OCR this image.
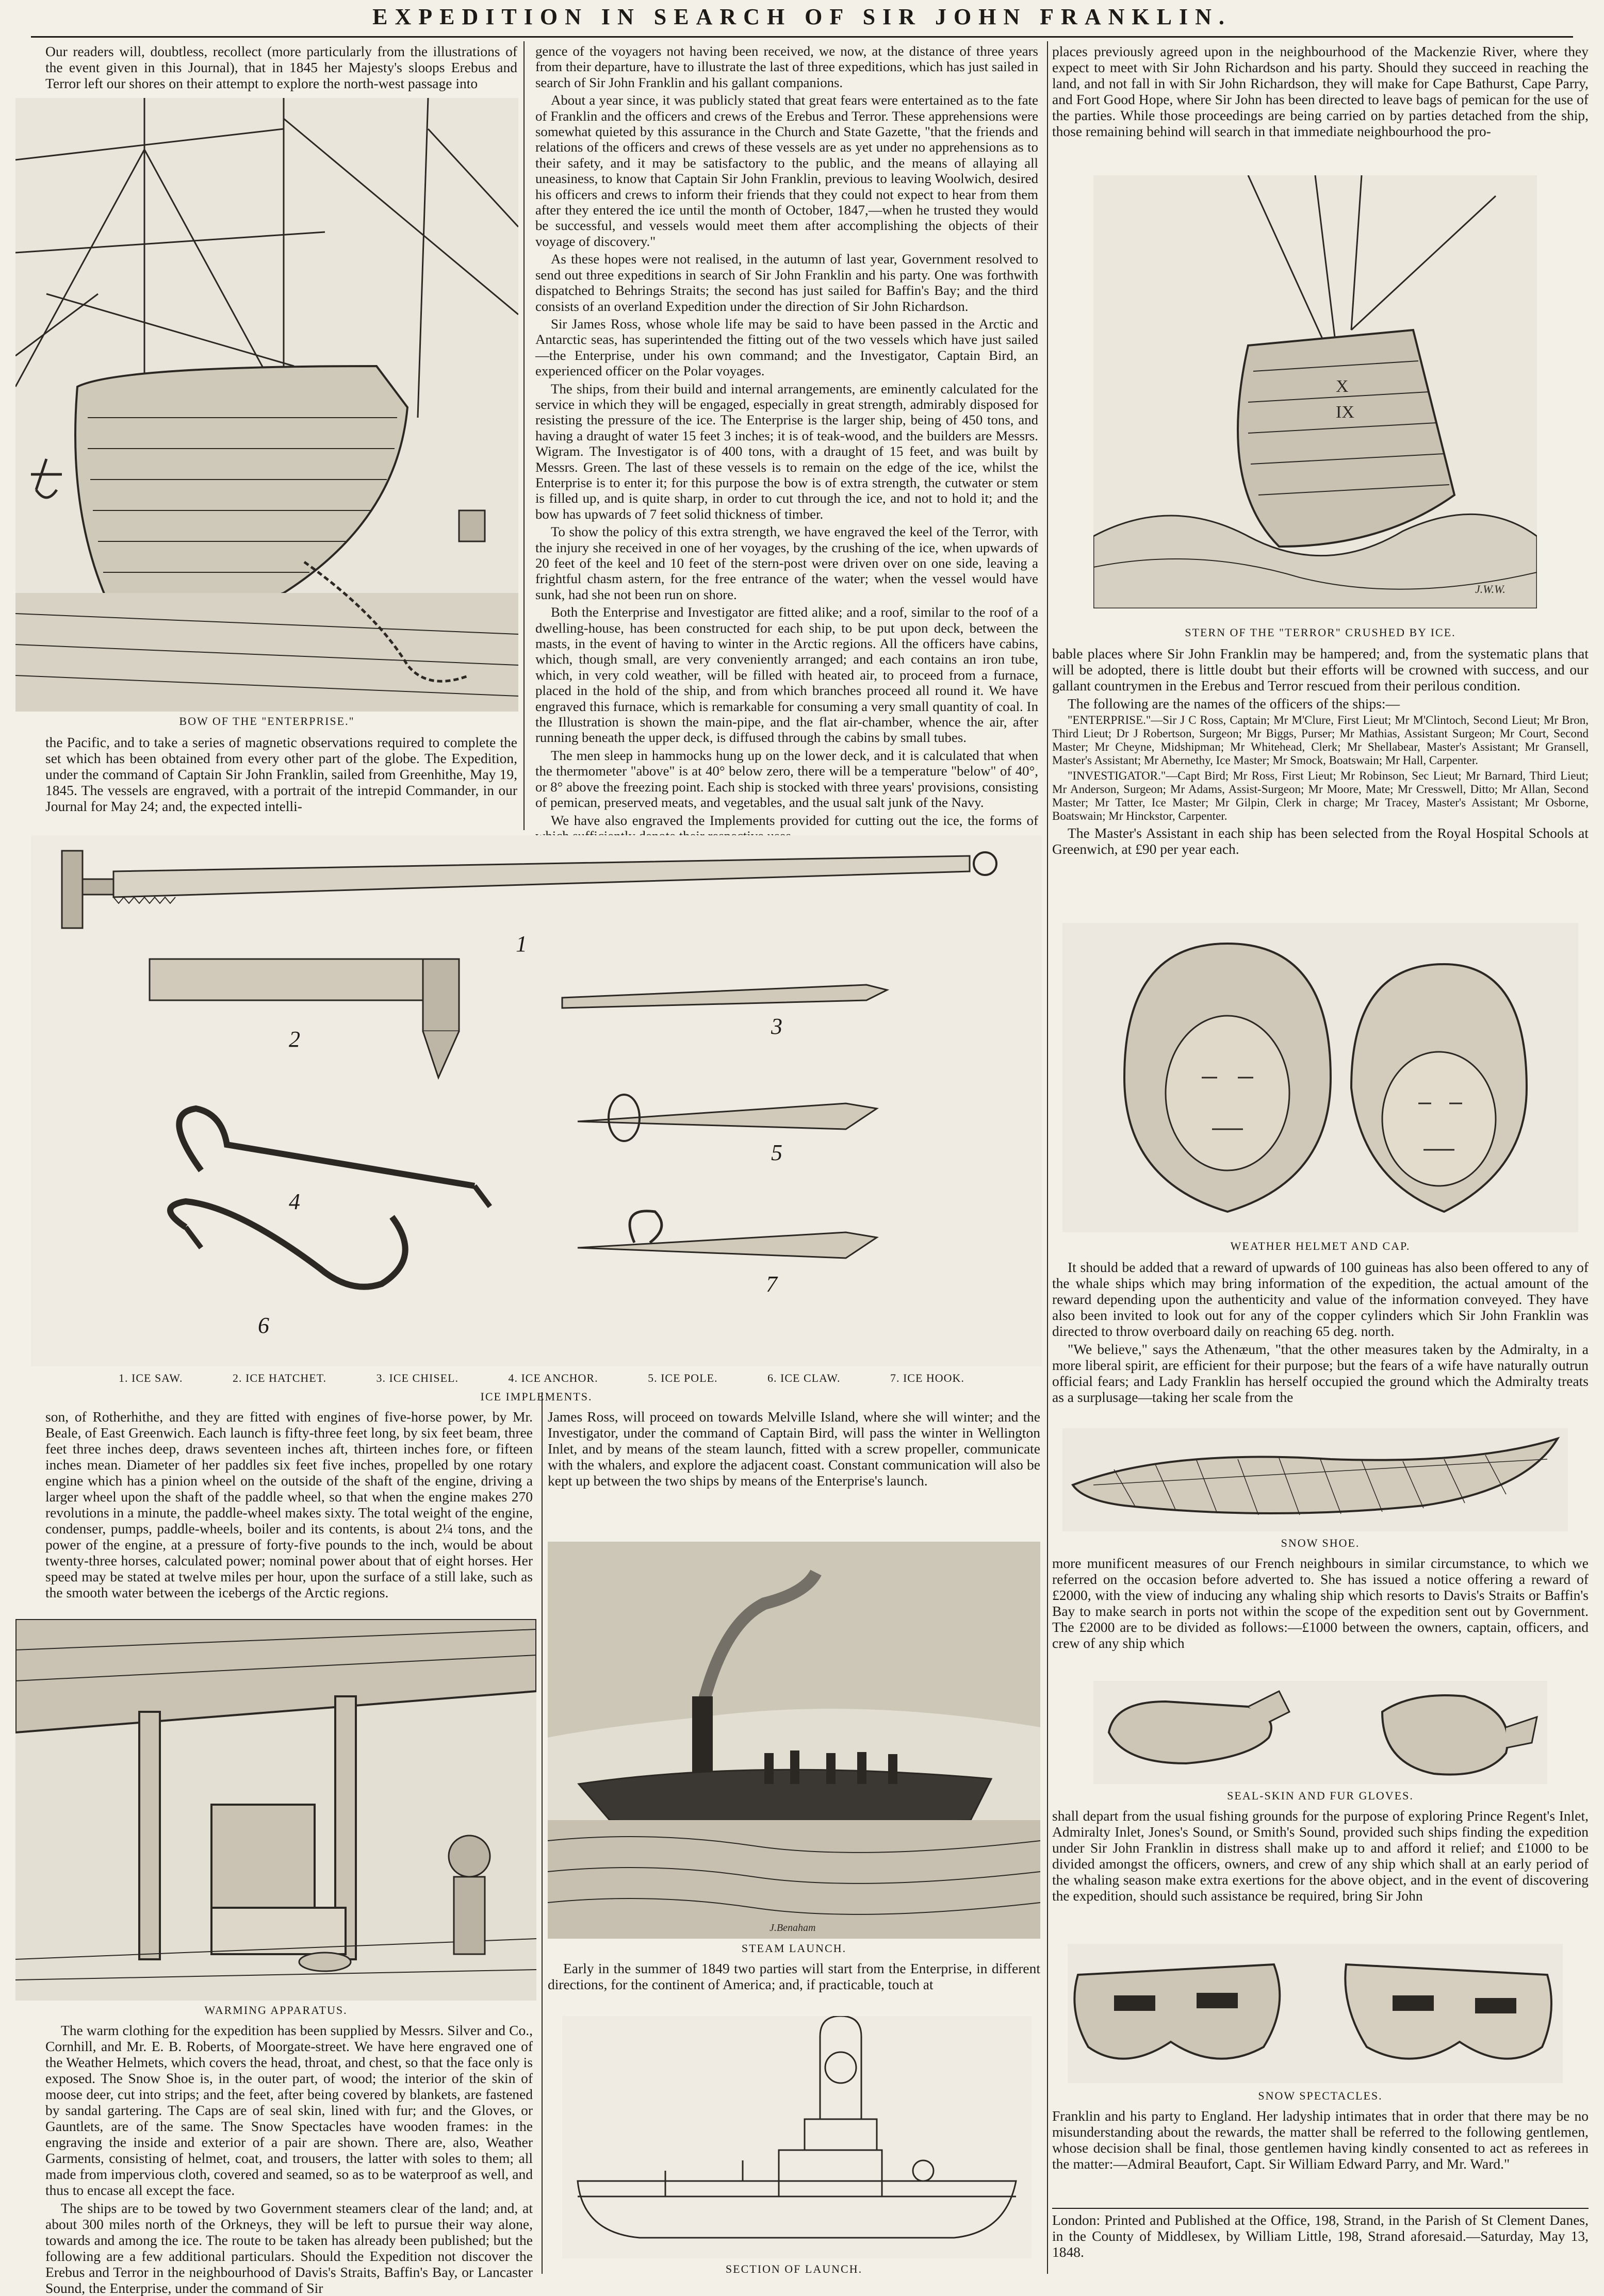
EXPEDITION IN SEARCH OF SIR JOHN FRANKLIN.

Our readers will, doubtless, recollect (more particularly from the illustrations of the event given in this Journal), that in 1845 her Majesty's sloops Erebus and Terror left our shores on their attempt to explore the north-west passage into

BOW OF THE "ENTERPRISE."

the Pacific, and to take a series of magnetic observations required to complete the set which has been obtained from every other part of the globe. The Expedition, under the command of Captain Sir John Franklin, sailed from Greenhithe, May 19, 1845. The vessels are engraved, with a portrait of the intrepid Commander, in our Journal for May 24; and, the expected intelli-

gence of the voyagers not having been received, we now, at the distance of three years from their departure, have to illustrate the last of three expeditions, which has just sailed in search of Sir John Franklin and his gallant companions.

About a year since, it was publicly stated that great fears were entertained as to the fate of Franklin and the officers and crews of the Erebus and Terror. These apprehensions were somewhat quieted by this assurance in the Church and State Gazette, "that the friends and relations of the officers and crews of these vessels are as yet under no apprehensions as to their safety, and it may be satisfactory to the public, and the means of allaying all uneasiness, to know that Captain Sir John Franklin, previous to leaving Woolwich, desired his officers and crews to inform their friends that they could not expect to hear from them after they entered the ice until the month of October, 1847,—when he trusted they would be successful, and vessels would meet them after accomplishing the objects of their voyage of discovery."

As these hopes were not realised, in the autumn of last year, Government resolved to send out three expeditions in search of Sir John Franklin and his party. One was forthwith dispatched to Behrings Straits; the second has just sailed for Baffin's Bay; and the third consists of an overland Expedition under the direction of Sir John Richardson.

Sir James Ross, whose whole life may be said to have been passed in the Arctic and Antarctic seas, has superintended the fitting out of the two vessels which have just sailed—the Enterprise, under his own command; and the Investigator, Captain Bird, an experienced officer on the Polar voyages.

The ships, from their build and internal arrangements, are eminently calculated for the service in which they will be engaged, especially in great strength, admirably disposed for resisting the pressure of the ice. The Enterprise is the larger ship, being of 450 tons, and having a draught of water 15 feet 3 inches; it is of teak-wood, and the builders are Messrs. Wigram. The Investigator is of 400 tons, with a draught of 15 feet, and was built by Messrs. Green. The last of these vessels is to remain on the edge of the ice, whilst the Enterprise is to enter it; for this purpose the bow is of extra strength, the cutwater or stem is filled up, and is quite sharp, in order to cut through the ice, and not to hold it; and the bow has upwards of 7 feet solid thickness of timber.

To show the policy of this extra strength, we have engraved the keel of the Terror, with the injury she received in one of her voyages, by the crushing of the ice, when upwards of 20 feet of the keel and 10 feet of the stern-post were driven over on one side, leaving a frightful chasm astern, for the free entrance of the water; when the vessel would have sunk, had she not been run on shore.

Both the Enterprise and Investigator are fitted alike; and a roof, similar to the roof of a dwelling-house, has been constructed for each ship, to be put upon deck, between the masts, in the event of having to winter in the Arctic regions. All the officers have cabins, which, though small, are very conveniently arranged; and each contains an iron tube, which, in very cold weather, will be filled with heated air, to proceed from a furnace, placed in the hold of the ship, and from which branches proceed all round it. We have engraved this furnace, which is remarkable for consuming a very small quantity of coal. In the Illustration is shown the main-pipe, and the flat air-chamber, whence the air, after running beneath the upper deck, is diffused through the cabins by small tubes.

The men sleep in hammocks hung up on the lower deck, and it is calculated that when the thermometer "above" is at 40° below zero, there will be a temperature "below" of 40°, or 8° above the freezing point. Each ship is stocked with three years' provisions, consisting of pemican, preserved meats, and vegetables, and the usual salt junk of the Navy.

We have also engraved the Implements provided for cutting out the ice, the forms of

places previously agreed upon in the neighbourhood of the Mackenzie River, where they expect to meet with Sir John Richardson and his party. Should they succeed in reaching the land, and not fall in with Sir John Richardson, they will make for Cape Bathurst, Cape Parry, and Fort Good Hope, where Sir John has been directed to leave bags of pemican for the use of the parties. While those proceedings are being carried on by parties detached from the ship, those remaining behind will search in that immediate neighbourhood the pro-

X
IX
J.W.W.
STERN OF THE "TERROR" CRUSHED BY ICE.

bable places where Sir John Franklin may be hampered; and, from the systematic plans that will be adopted, there is little doubt but their efforts will be crowned with success, and our gallant countrymen in the Erebus and Terror rescued from their perilous condition.

The following are the names of the officers of the ships:—

"ENTERPRISE."—Sir J C Ross, Captain; Mr M'Clure, First Lieut; Mr M'Clintoch, Second Lieut; Mr Bron, Third Lieut; Dr J Robertson, Surgeon; Mr Biggs, Purser; Mr Mathias, Assistant Surgeon; Mr Court, Second Master; Mr Cheyne, Midshipman; Mr Whitehead, Clerk; Mr Shellabear, Master's Assistant; Mr Gransell, Master's Assistant; Mr Abernethy, Ice Master; Mr Smock, Boatswain; Mr Hall, Carpenter.

"INVESTIGATOR."—Capt Bird; Mr Ross, First Lieut; Mr Robinson, Sec Lieut; Mr Barnard, Third Lieut; Mr Anderson, Surgeon; Mr Adams, Assist-Surgeon; Mr Moore, Mate; Mr Cresswell, Ditto; Mr Allan, Second Master; Mr Tatter, Ice Master; Mr Gilpin, Clerk in charge; Mr Tracey, Master's Assistant; Mr Osborne, Boatswain; Mr Hinckstor, Carpenter.

The Master's Assistant in each ship has been selected from the Royal Hospital Schools at Greenwich, at £90 per year each.

WEATHER HELMET AND CAP.

It should be added that a reward of upwards of 100 guineas has also been offered to any of the whale ships which may bring information of the expedition, the actual amount of the reward depending upon the authenticity and value of the information conveyed. They have also been invited to look out for any of the copper cylinders which Sir John Franklin was directed to throw overboard daily on reaching 65 deg. north.

"We believe," says the Athenæum, "that the other measures taken by the Admiralty, in a more liberal spirit, are efficient for their purpose; but the fears of a wife have naturally outrun official fears; and Lady Franklin has herself occupied the ground which the Admiralty treats as a surplusage—taking her scale from the

SNOW SHOE.

more munificent measures of our French neighbours in similar circumstance, to which we referred on the occasion before adverted to. She has issued a notice offering a reward of £2000, with the view of inducing any whaling ship which resorts to Davis's Straits or Baffin's Bay to make search in ports not within the scope of the expedition sent out by Government. The £2000 are to be divided as follows:—£1000 between the owners, captain, officers, and crew of any ship which

SEAL-SKIN AND FUR GLOVES.

shall depart from the usual fishing grounds for the purpose of exploring Prince Regent's Inlet, Admiralty Inlet, Jones's Sound, or Smith's Sound, provided such ships finding the expedition under Sir John Franklin in distress shall make up to and afford it relief; and £1000 to be divided amongst the officers, owners, and crew of any ship which shall at an early period of the whaling season make extra exertions for the above object, and in the event of discovering the expedition, should such assistance be required, bring Sir John

SNOW SPECTACLES.

Franklin and his party to England. Her ladyship intimates that in order that there may be no misunderstanding about the rewards, the matter shall be referred to the following gentlemen, whose decision shall be final, those gentlemen having kindly consented to act as referees in the matter:—Admiral Beaufort, Capt. Sir William Edward Parry, and Mr. Ward."

London: Printed and Published at the Office, 198, Strand, in the Parish of St Clement Danes, in the County of Middlesex, by William Little, 198, Strand aforesaid.—Saturday, May 13, 1848.

1
2
3
4
5
6
7
1. ICE SAW.	2. ICE HATCHET.	3. ICE CHISEL.	4. ICE ANCHOR.	5. ICE POLE.	6. ICE CLAW.	7. ICE HOOK.
ICE IMPLEMENTS.

son, of Rotherhithe, and they are fitted with engines of five-horse power, by Mr. Beale, of East Greenwich. Each launch is fifty-three feet long, by six feet beam, three feet three inches deep, draws seventeen inches aft, thirteen inches fore, or fifteen inches mean. Diameter of her paddles six feet five inches, propelled by one rotary engine which has a pinion wheel on the outside of the shaft of the engine, driving a larger wheel upon the shaft of the paddle wheel, so that when the engine makes 270 revolutions in a minute, the paddle-wheel makes sixty. The total weight of the engine, condenser, pumps, paddle-wheels, boiler and its contents, is about 2¼ tons, and the power of the engine, at a pressure of forty-five pounds to the inch, would be about twenty-three horses, calculated power; nominal power about that of eight horses. Her speed may be stated at twelve miles per hour, upon the surface of a still lake, such as the smooth water between the icebergs of the Arctic regions.

WARMING APPARATUS.

The warm clothing for the expedition has been supplied by Messrs. Silver and Co., Cornhill, and Mr. E. B. Roberts, of Moorgate-street. We have here engraved one of the Weather Helmets, which covers the head, throat, and chest, so that the face only is exposed. The Snow Shoe is, in the outer part, of wood; the interior of the skin of moose deer, cut into strips; and the feet, after being covered by blankets, are fastened by sandal gartering. The Caps are of seal skin, lined with fur; and the Gloves, or Gauntlets, are of the same. The Snow Spectacles have wooden frames: in the engraving the inside and exterior of a pair are shown. There are, also, Weather Garments, consisting of helmet, coat, and trousers, the latter with soles to them; all made from impervious cloth, covered and seamed, so as to be waterproof as well, and thus to encase all except the face.

The ships are to be towed by two Government steamers clear of the land; and, at about 300 miles north of the Orkneys, they will be left to pursue their way alone, towards and among the ice. The route to be taken has already been published; but the following are a few additional particulars. Should the Expedition not discover the Erebus and Terror in the neighbourhood of Davis's Straits, Baffin's Bay, or Lancaster Sound, the Enterprise, under the command of Sir

James Ross, will proceed on towards Melville Island, where she will winter; and the Investigator, under the command of Captain Bird, will pass the winter in Wellington Inlet, and by means of the steam launch, fitted with a screw propeller, communicate with the whalers, and explore the adjacent coast. Constant communication will also be kept up between the two ships by means of the Enterprise's launch.

J.Benaham
STEAM LAUNCH.

Early in the summer of 1849 two parties will start from the Enterprise, in different directions, for the continent of America; and, if practicable, touch at

SECTION OF LAUNCH.
